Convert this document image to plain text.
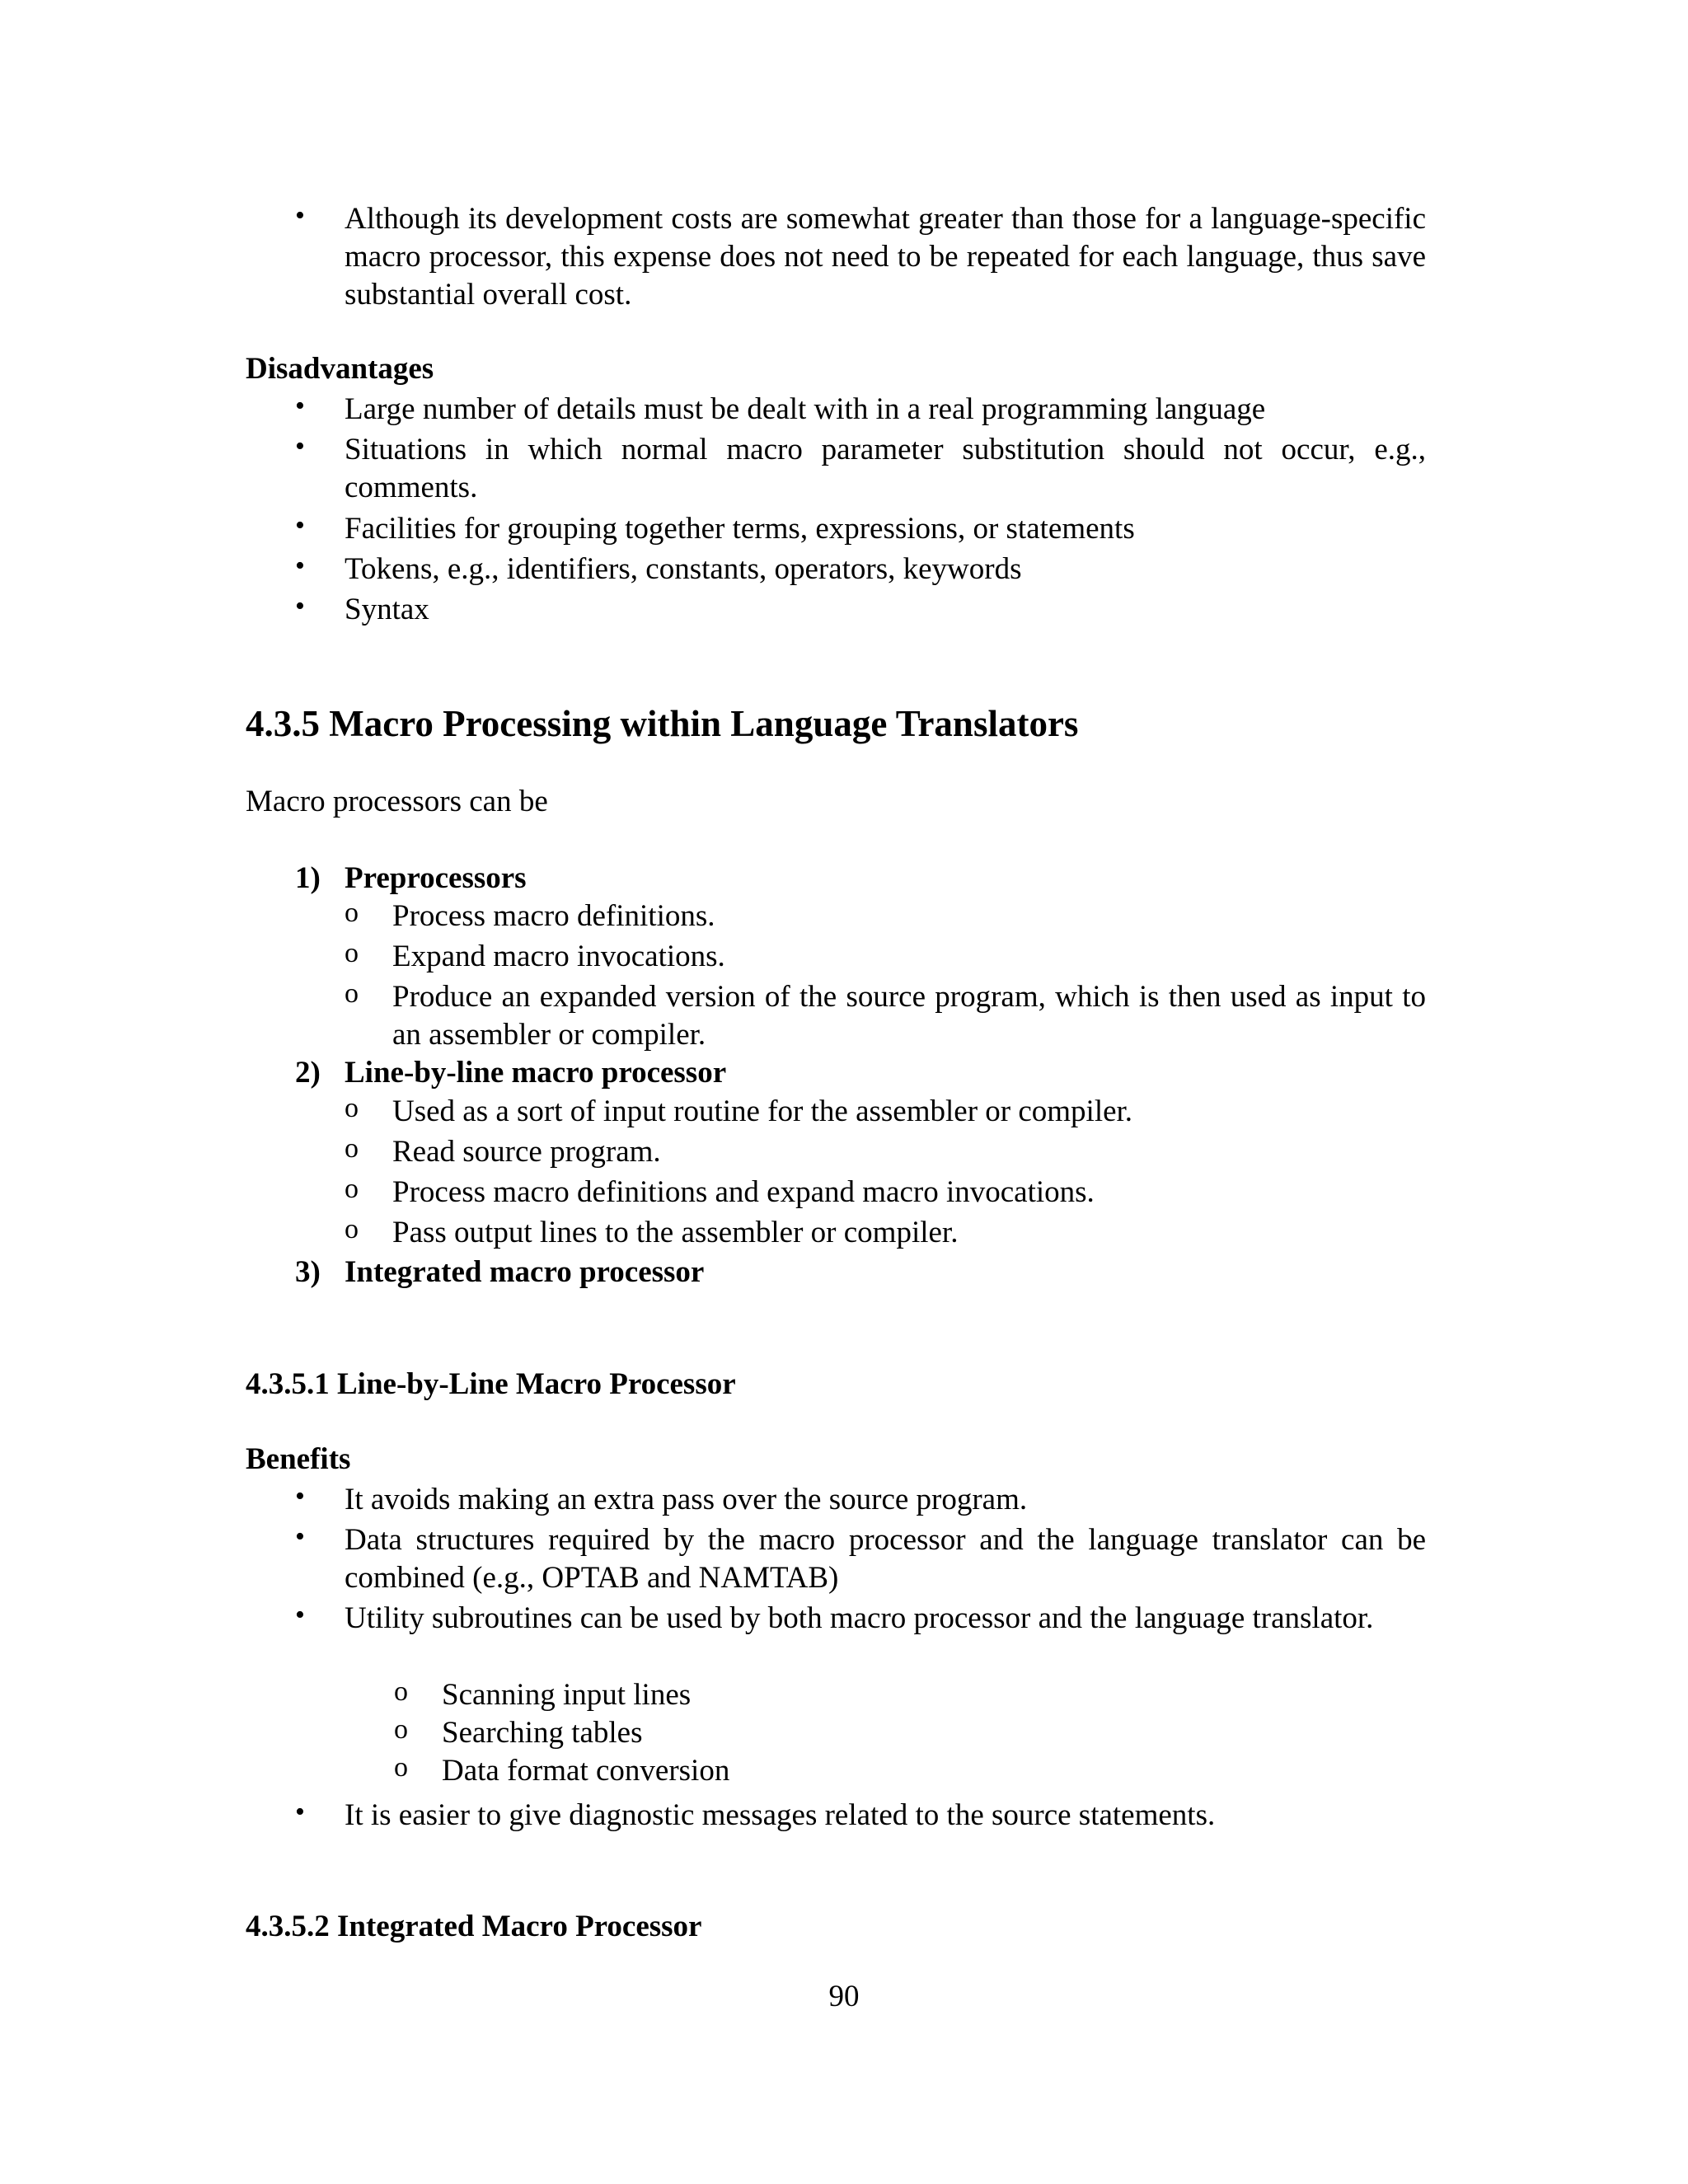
•	Although its development costs are somewhat greater than those for a language-specific macro processor, this expense does not need to be repeated for each language, thus save substantial overall cost.
Disadvantages
•	Large number of details must be dealt with in a real programming language
•	Situations in which normal macro parameter substitution should not occur, e.g., comments.
•	Facilities for grouping together terms, expressions, or statements
•	Tokens, e.g., identifiers, constants, operators, keywords
•	Syntax
4.3.5 Macro Processing within Language Translators
Macro processors can be
1) Preprocessors
o Process macro definitions.
o Expand macro invocations.
o Produce an expanded version of the source program, which is then used as input to an assembler or compiler.
2) Line-by-line macro processor
o Used as a sort of input routine for the assembler or compiler.
o Read source program.
o Process macro definitions and expand macro invocations.
o Pass output lines to the assembler or compiler.
3) Integrated macro processor
4.3.5.1 Line-by-Line Macro Processor
Benefits
•	It avoids making an extra pass over the source program.
•	Data structures required by the macro processor and the language translator can be combined (e.g., OPTAB and NAMTAB)
•	Utility subroutines can be used by both macro processor and the language translator.
o Scanning input lines
o Searching tables
o Data format conversion
•	It is easier to give diagnostic messages related to the source statements.
4.3.5.2 Integrated Macro Processor
90
